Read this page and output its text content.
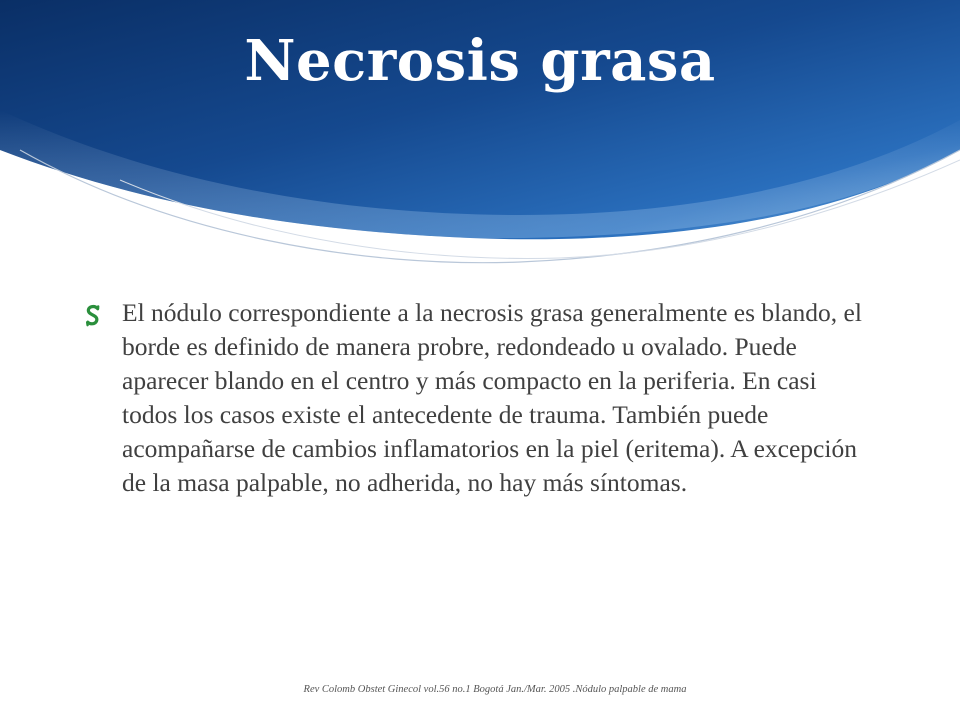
Necrosis grasa

El nódulo correspondiente a la necrosis grasa generalmente es blando, el borde es definido de manera probre, redondeado u ovalado. Puede aparecer blando en el centro y más compacto en la periferia. En casi todos los casos existe el antecedente de trauma. También puede acompañarse de cambios inflamatorios en la piel (eritema). A excepción de la masa palpable, no adherida, no hay más síntomas.

Rev Colomb Obstet Ginecol vol.56 no.1 Bogotá Jan./Mar. 2005 .Nódulo palpable de mama
